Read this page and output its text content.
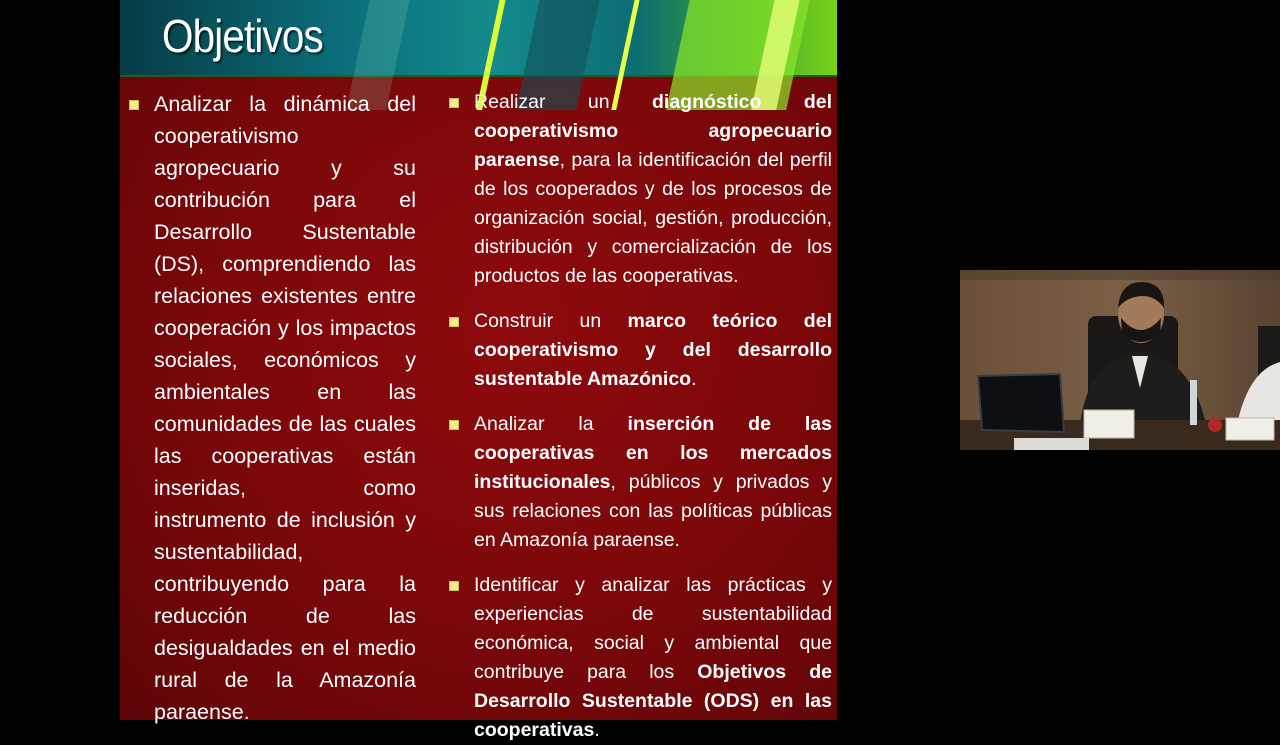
Objetivos
Analizar la dinámica del cooperativismo agropecuario y su contribución para el Desarrollo Sustentable (DS), comprendiendo las relaciones existentes entre cooperación y los impactos sociales, económicos y ambientales en las comunidades de las cuales las cooperativas están inseridas, como instrumento de inclusión y sustentabilidad, contribuyendo para la reducción de las desigualdades en el medio rural de la Amazonía paraense.
Realizar un diagnóstico del cooperativismo agropecuario paraense, para la identificación del perfil de los cooperados y de los procesos de organización social, gestión, producción, distribución y comercialización de los productos de las cooperativas.
Construir un marco teórico del cooperativismo y del desarrollo sustentable Amazónico.
Analizar la inserción de las cooperativas en los mercados institucionales, públicos y privados y sus relaciones con las políticas públicas en Amazonía paraense.
Identificar y analizar las prácticas y experiencias de sustentabilidad económica, social y ambiental que contribuye para los Objetivos de Desarrollo Sustentable (ODS) en las cooperativas.
